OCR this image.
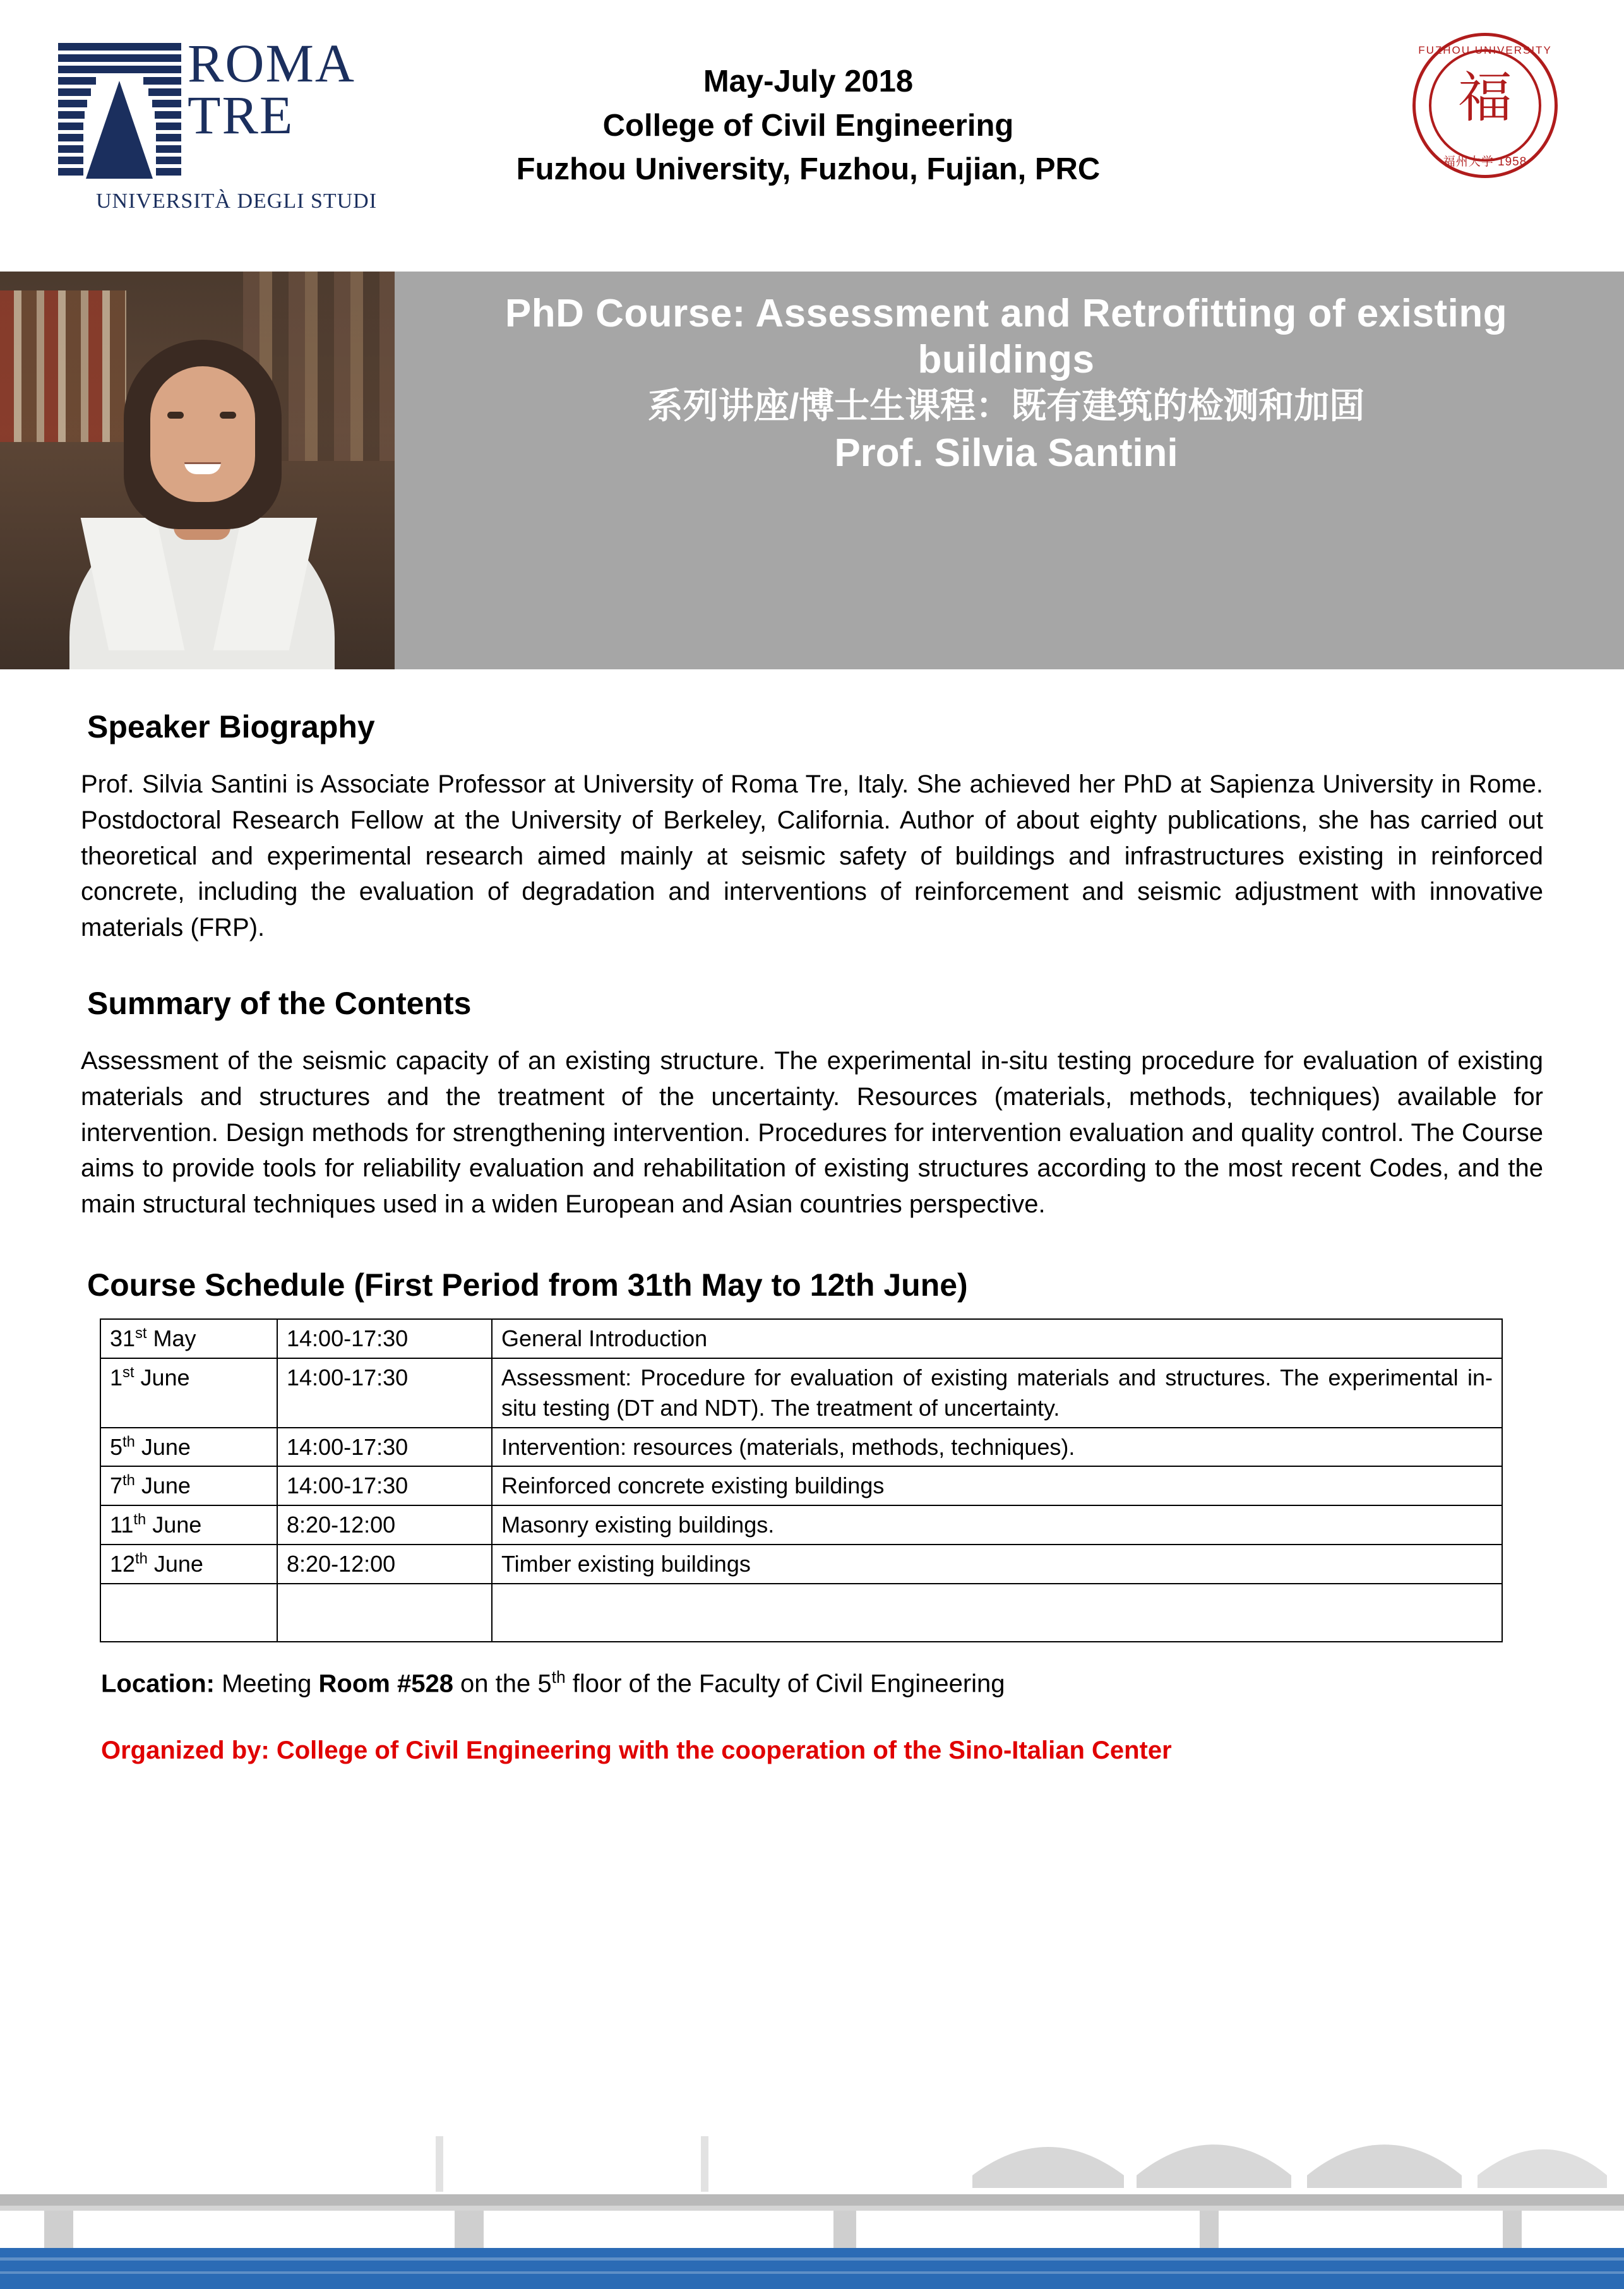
ROMA
TRE
UNIVERSITÀ DEGLI STUDI
May-July 2018
College of Civil Engineering
Fuzhou University, Fuzhou, Fujian, PRC
FUZHOU UNIVERSITY
福
福州大学 1958
PhD Course: Assessment and Retrofitting of existing buildings
系列讲座/博士生课程：既有建筑的检测和加固
Prof. Silvia Santini
Speaker Biography

Prof. Silvia Santini is Associate Professor at University of Roma Tre, Italy. She achieved her PhD at Sapienza University in Rome. Postdoctoral Research Fellow at the University of Berkeley, California. Author of about eighty publications, she has carried out theoretical and experimental research aimed mainly at seismic safety of buildings and infrastructures existing in reinforced concrete, including the evaluation of degradation and interventions of reinforcement and seismic adjustment with innovative materials (FRP).

Summary of the Contents

Assessment of the seismic capacity of an existing structure. The experimental in-situ testing procedure for evaluation of existing materials and structures and the treatment of the uncertainty. Resources (materials, methods, techniques) available for intervention. Design methods for strengthening intervention. Procedures for intervention evaluation and quality control. The Course aims to provide tools for reliability evaluation and rehabilitation of existing structures according to the most recent Codes, and the main structural techniques used in a widen European and Asian countries perspective.

Course Schedule (First Period from 31th May to 12th June)
31st May	14:00-17:30	General Introduction
1st June	14:00-17:30	Assessment: Procedure for evaluation of existing materials and structures. The experimental in-situ testing (DT and NDT). The treatment of uncertainty.
5th June	14:00-17:30	Intervention: resources (materials, methods, techniques).
7th June	14:00-17:30	Reinforced concrete existing buildings
11th June	8:20-12:00	Masonry existing buildings.
12th June	8:20-12:00	Timber existing buildings

Location: Meeting Room #528 on the 5th floor of the Faculty of Civil Engineering
Organized by: College of Civil Engineering with the cooperation of the Sino-Italian Center
